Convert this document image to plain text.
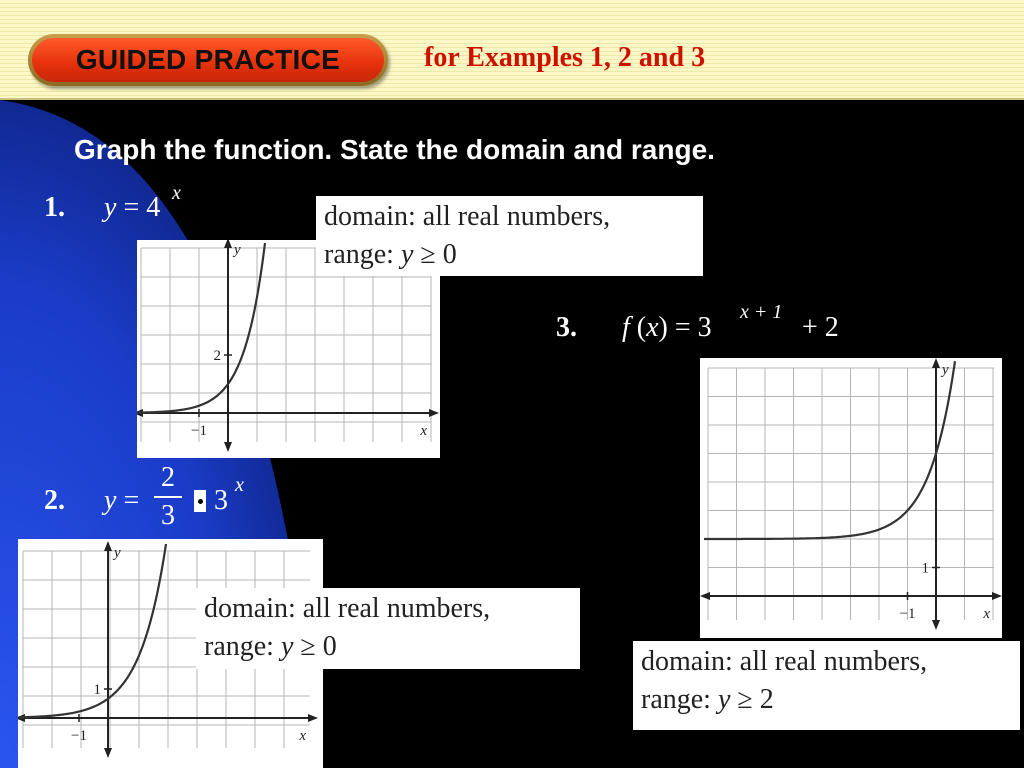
GUIDED PRACTICE	for Examples 1, 2 and 3
Graph the function. State the domain and range.
1. y = 4 x
y
x
2
−1
domain: all real numbers,
range: y ≥ 0
2. y =
2
3 3 x
y
x
1
−1
domain: all real numbers,
range: y ≥ 0
3. f (x) = 3 x + 1 + 2
y
x
1
−1
domain: all real numbers,
range: y ≥ 2
